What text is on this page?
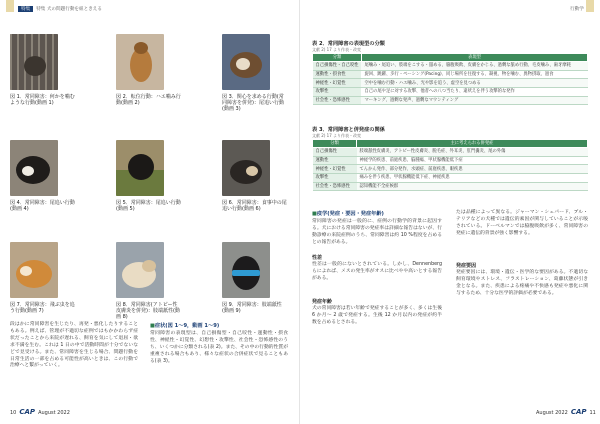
特集 特集 犬の問題行動を紐ときえる
図 1．常同障害：何かを噛むような行動(動画 1)
図 2．転位行動：ハエ噛み行動(動画 2)
図 3．関心を求める行動(常同障害を併発)：尾追い行動(動画 3)
図 4．常同障害：尾追い行動(動画 4)
図 5．常同障害：尾追い行動(動画 5)
図 6．常同障害：食事中の尾追い行動(動画 6)
図 7．常同障害：飛ぶ虫を追う行動(動画 7)
図 8．常同障害(アトピー性皮膚炎を併発)：肢端舐性(動画 8)
図 9．常同障害：肢端舐性(動画 9)
段はかに常同障害を生じたり、再発・悪化したりすることもある。例えば、管理が不適切な症例ではもかかわらず症状だったことから来院が遅れる、飼育を気にして退屈・欲求不満を生む。これは 1 日の中で活動時間が十分でないなどで見受ける。また、常同障害を生じる場合、問題行動を日常生活の一部を占める可能性が高いときは、この行動で治療へと繋がっていく。
■症状(図 1〜9，動画 1〜9)
常同障害の表現型は、自己損傷型・自己咬性・運動性・摂食性、神経性・幻覚性、幻想性・攻撃性、社会性・恐怖感性のうち、いくつかに分類される(表 2)。また、その中の行動的性質が重複される場合もあり、様々な症状の合併症状で見ることもある(表 3)。
10 CAP August 2022
行動学
表 2．常同障害の表現型の分類
文献 2) 17 より作表・改変
分類	表現型
自己損傷性・自己咬性	尾噛み・尾追い、肢端をこする・舐める、脇腹吸飲、皮膚をかじる、過剰な舐め行動、毛皮噛み、歯牙摩耗
運動性・摂食性	旋回、跳躍、歩行・ペーシング(Pacing)、同じ場所を往復する、凝視、物を噛む、異物摂取、過食
神経性・幻覚性	空中を噛む行動・ハエ噛み、光や影を追う、虚空を見つめる
攻撃性	自己の尾や足に対する攻撃、他者への八つ当たり、遠吠えを伴う攻撃的な発作
社会性・恐怖感性	マーキング、過剰な発声、過剰なマウンティング
表 3．常同障害と併発症の関係
文献 2) 17 より作表・改変
分類	主に考えられる併発症
自己損傷性	肢端舐性皮膚炎、アトピー性皮膚炎、脱毛症、外耳炎、肛門嚢炎、尾の外傷
運動性	神経学的疾患、前庭疾患、脳腫瘍、甲状腺機能低下症
神経性・幻覚性	てんかん発作、部分発作、水頭症、前庭疾患、眼疾患
攻撃性	痛みを伴う疾患、甲状腺機能低下症、神経疾患
社会性・恐怖感性	認知機能不全症候群
■疫学(発症・要因・発症年齢)
常同障害の発症は一般的に、症例の行動学的背景に起因する。犬における常同障害の発症率は詳細な報告はないが、行動診療の来院症例のうち、常同障害は約 10 %程度を占めるとの報告がある。
性差
性差は一般的にないとされている。しかし、Dennenberg らによれば、メスの発生率がオスに比べやや高いとする報告がある。
発症年齢
犬の常同障害は若い年齢で発症することが多く、多くは生後 6 か月〜 2 歳で発症する。生後 12 か月以内の発症が約半数を占めるとされる。
たは品種によって異なる。ジャーマン・シェパード、ブル・テリアなどの犬種では遺伝的素因が関与していることが示唆されている。ドーベルマンでは脇腹吸飲が多く、常同障害の発症に遺伝的背景が強く影響する。
発症要因
発症要因には、環境・遺伝・医学的な要因がある。不適切な飼育環境やストレス、フラストレーション、葛藤状態が引き金となる。また、疾患による疼痛や不快感も発症や悪化に関与するため、十分な医学的評価が必要である。
August 2022 CAP 11
